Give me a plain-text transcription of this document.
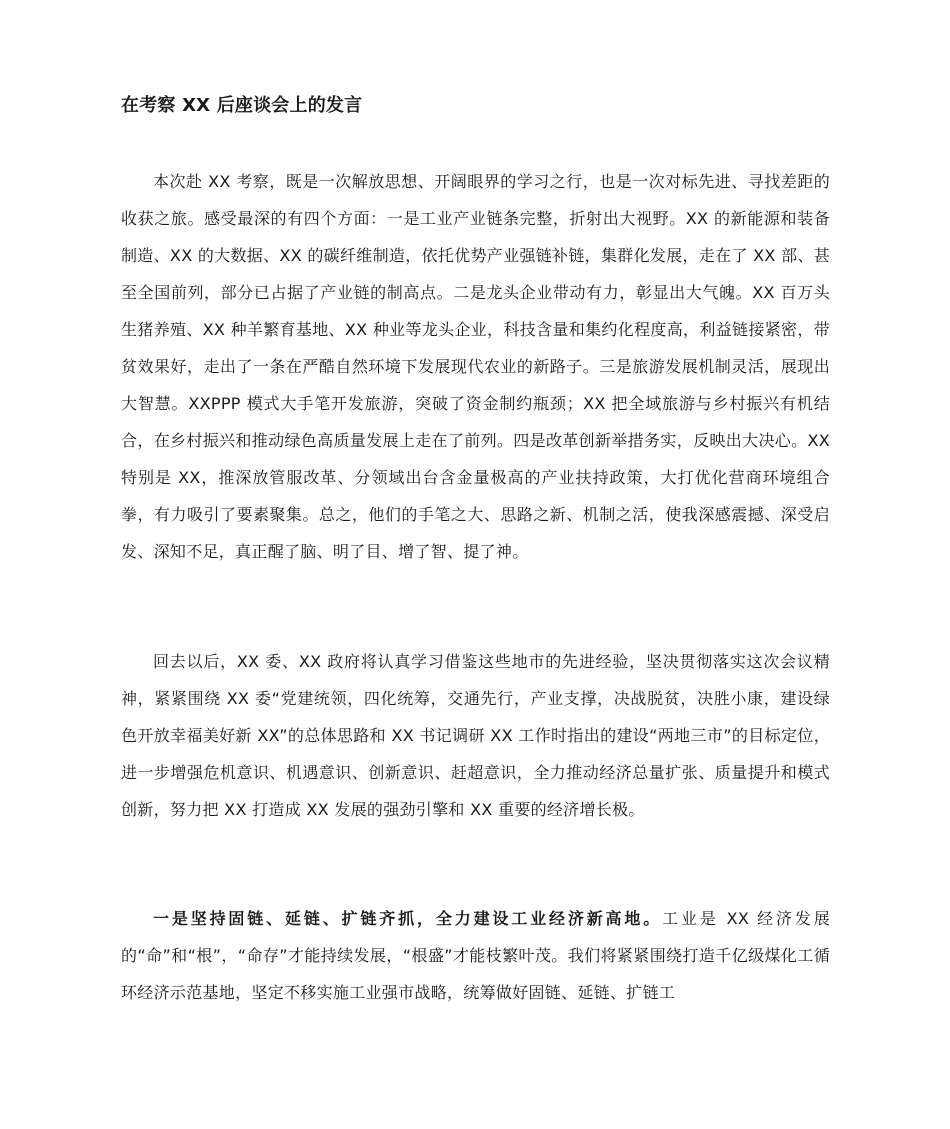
在考察 XX 后座谈会上的发言

本次赴 XX 考察，既是一次解放思想、开阔眼界的学习之行，也是一次对标先进、寻找差距的收获之旅。感受最深的有四个方面：一是工业产业链条完整，折射出大视野。XX 的新能源和装备制造、XX 的大数据、XX 的碳纤维制造，依托优势产业强链补链，集群化发展，走在了 XX 部、甚至全国前列，部分已占据了产业链的制高点。二是龙头企业带动有力，彰显出大气魄。XX 百万头生猪养殖、XX 种羊繁育基地、XX 种业等龙头企业，科技含量和集约化程度高，利益链接紧密，带贫效果好，走出了一条在严酷自然环境下发展现代农业的新路子。三是旅游发展机制灵活，展现出大智慧。XXPPP 模式大手笔开发旅游，突破了资金制约瓶颈；XX 把全域旅游与乡村振兴有机结合，在乡村振兴和推动绿色高质量发展上走在了前列。四是改革创新举措务实，反映出大决心。XX 特别是 XX，推深放管服改革、分领域出台含金量极高的产业扶持政策，大打优化营商环境组合拳，有力吸引了要素聚集。总之，他们的手笔之大、思路之新、机制之活，使我深感震撼、深受启发、深知不足，真正醒了脑、明了目、增了智、提了神。

回去以后，XX 委、XX 政府将认真学习借鉴这些地市的先进经验，坚决贯彻落实这次会议精神，紧紧围绕 XX 委“党建统领，四化统筹，交通先行，产业支撑，决战脱贫，决胜小康，建设绿色开放幸福美好新 XX”的总体思路和 XX 书记调研 XX 工作时指出的建设“两地三市”的目标定位，进一步增强危机意识、机遇意识、创新意识、赶超意识，全力推动经济总量扩张、质量提升和模式创新，努力把 XX 打造成 XX 发展的强劲引擎和 XX 重要的经济增长极。

一是坚持固链、延链、扩链齐抓，全力建设工业经济新高地。工业是 XX 经济发展的“命”和“根”，“命存”才能持续发展，“根盛”才能枝繁叶茂。我们将紧紧围绕打造千亿级煤化工循环经济示范基地，坚定不移实施工业强市战略，统筹做好固链、延链、扩链工
